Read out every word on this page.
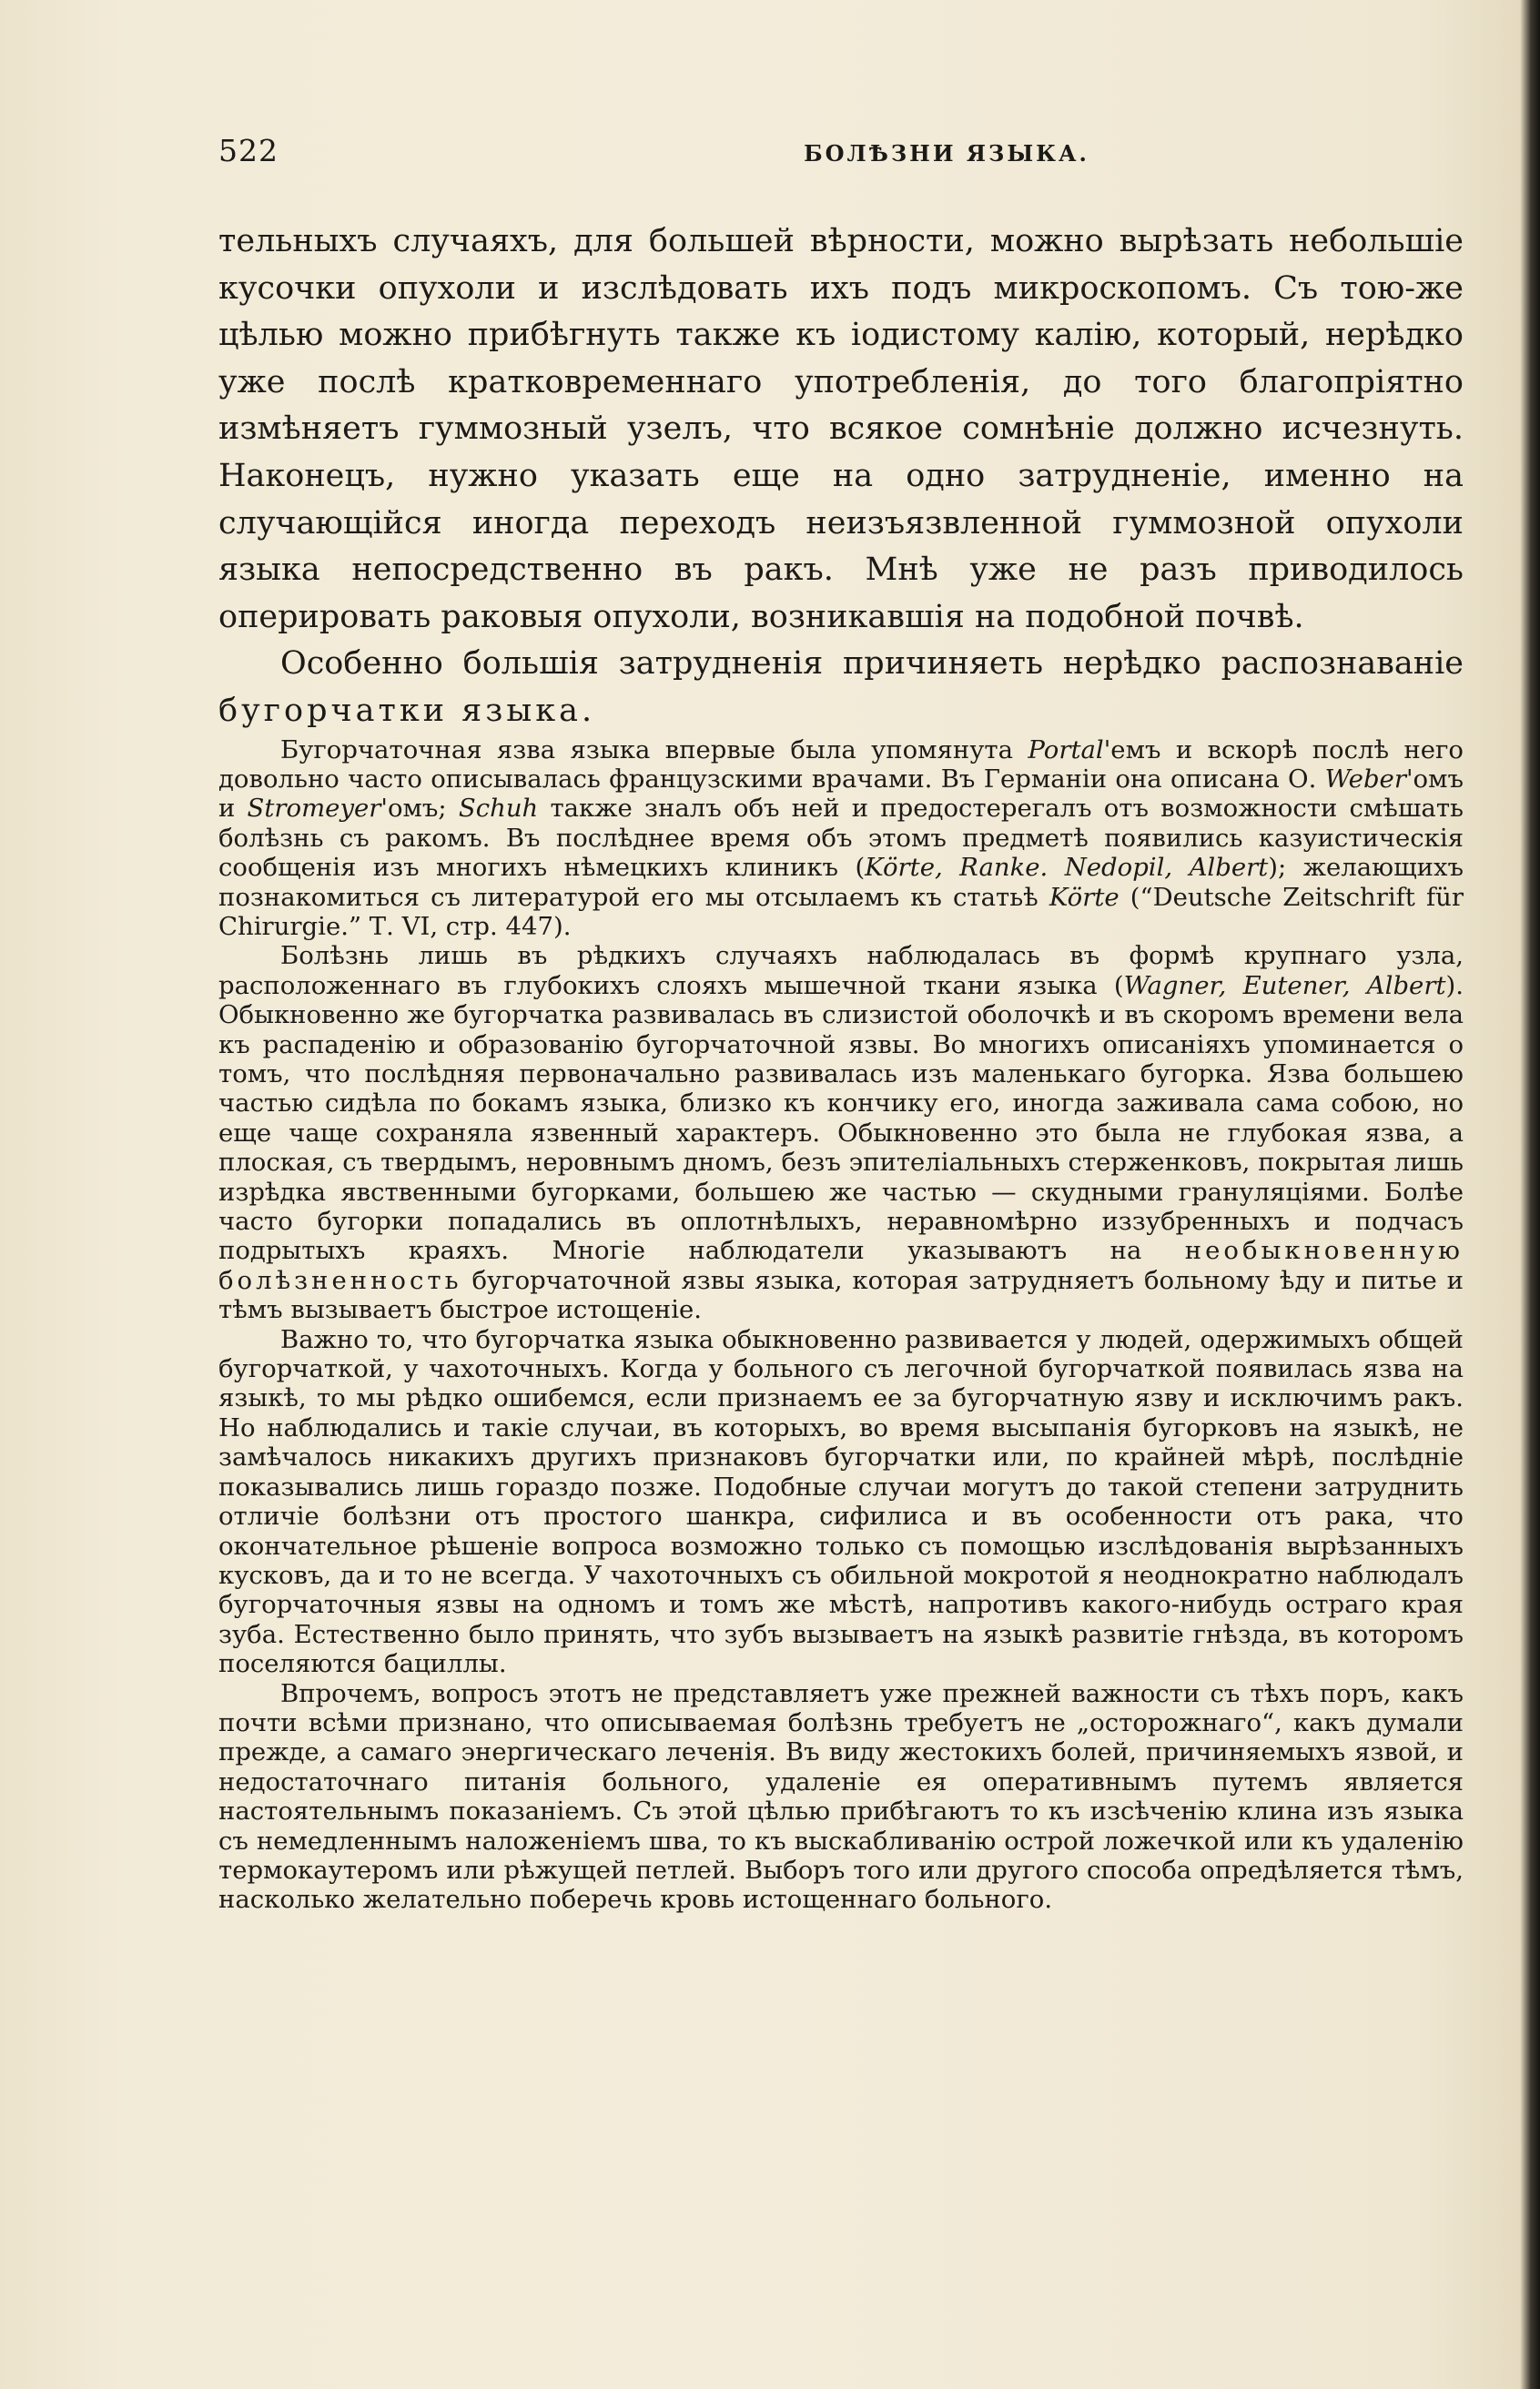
522	БОЛѢЗНИ ЯЗЫКА.

тельныхъ случаяхъ, для большей вѣрности, можно вырѣзать небольшіе кусочки опухоли и изслѣдовать ихъ подъ микроскопомъ. Съ тою-же цѣлью можно прибѣгнуть также къ іодистому калію, который, нерѣдко уже послѣ кратковременнаго употребленія, до того благопріятно измѣняетъ гуммозный узелъ, что всякое сомнѣніе должно исчезнуть. Наконецъ, нужно указать еще на одно затрудненіе, именно на случающійся иногда переходъ неизъязвленной гуммозной опухоли языка непосредственно въ ракъ. Мнѣ уже не разъ приводилось оперировать раковыя опухоли, возникавшія на подобной почвѣ.

Особенно большія затрудненія причиняеть нерѣдко распознаваніе бугорчатки языка.

Бугорчаточная язва языка впервые была упомянута Portal'емъ и вскорѣ послѣ него довольно часто описывалась французскими врачами. Въ Германіи она описана О. Weber'омъ и Stromeyer'омъ; Schuh также зналъ объ ней и предостерегалъ отъ возможности смѣшать болѣзнь съ ракомъ. Въ послѣднее время объ этомъ предметѣ появились казуистическія сообщенія изъ многихъ нѣмецкихъ клиникъ (Körte, Ranke. Nedopil, Albert); желающихъ познакомиться съ литературой его мы отсылаемъ къ статьѣ Körte (“Deutsche Zeitschrift für Chirurgie.” Т. VI, стр. 447).

Болѣзнь лишь въ рѣдкихъ случаяхъ наблюдалась въ формѣ крупнаго узла, расположеннаго въ глубокихъ слояхъ мышечной ткани языка (Wagner, Eutener, Albert). Обыкновенно же бугорчатка развивалась въ слизистой оболочкѣ и въ скоромъ времени вела къ распаденію и образованію бугорчаточной язвы. Во многихъ описаніяхъ упоминается о томъ, что послѣдняя первоначально развивалась изъ маленькаго бугорка. Язва большею частью сидѣла по бокамъ языка, близко къ кончику его, иногда заживала сама собою, но еще чаще сохраняла язвенный характеръ. Обыкновенно это была не глубокая язва, а плоская, съ твердымъ, неровнымъ дномъ, безъ эпителіальныхъ стерженковъ, покрытая лишь изрѣдка явственными бугорками, большею же частью — скудными грануляціями. Болѣе часто бугорки попадались въ оплотнѣлыхъ, неравномѣрно иззубренныхъ и подчасъ подрытыхъ краяхъ. Многіе наблюдатели указываютъ на необыкновенную болѣзненность бугорчаточной язвы языка, которая затрудняетъ больному ѣду и питье и тѣмъ вызываетъ быстрое истощеніе.

Важно то, что бугорчатка языка обыкновенно развивается у людей, одержимыхъ общей бугорчаткой, у чахоточныхъ. Когда у больного съ легочной бугорчаткой появилась язва на языкѣ, то мы рѣдко ошибемся, если признаемъ ее за бугорчатную язву и исключимъ ракъ. Но наблюдались и такіе случаи, въ которыхъ, во время высыпанія бугорковъ на языкѣ, не замѣчалось никакихъ другихъ признаковъ бугорчатки или, по крайней мѣрѣ, послѣдніе показывались лишь гораздо позже. Подобные случаи могутъ до такой степени затруднить отличіе болѣзни отъ простого шанкра, сифилиса и въ особенности отъ рака, что окончательное рѣшеніе вопроса возможно только съ помощью изслѣдованія вырѣзанныхъ кусковъ, да и то не всегда. У чахоточныхъ съ обильной мокротой я неоднократно наблюдалъ бугорчаточныя язвы на одномъ и томъ же мѣстѣ, напротивъ какого-нибудь остраго края зуба. Естественно было принять, что зубъ вызываетъ на языкѣ развитіе гнѣзда, въ которомъ поселяются бациллы.

Впрочемъ, вопросъ этотъ не представляетъ уже прежней важности съ тѣхъ поръ, какъ почти всѣми признано, что описываемая болѣзнь требуетъ не „осторожнаго“, какъ думали прежде, а самаго энергическаго леченія. Въ виду жестокихъ болей, причиняемыхъ язвой, и недостаточнаго питанія больного, удаленіе ея оперативнымъ путемъ является настоятельнымъ показаніемъ. Съ этой цѣлью прибѣгаютъ то къ изсѣченію клина изъ языка съ немедленнымъ наложеніемъ шва, то къ выскабливанію острой ложечкой или къ удаленію термокаутеромъ или рѣжущей петлей. Выборъ того или другого способа опредѣляется тѣмъ, насколько желательно поберечь кровь истощеннаго больного.
